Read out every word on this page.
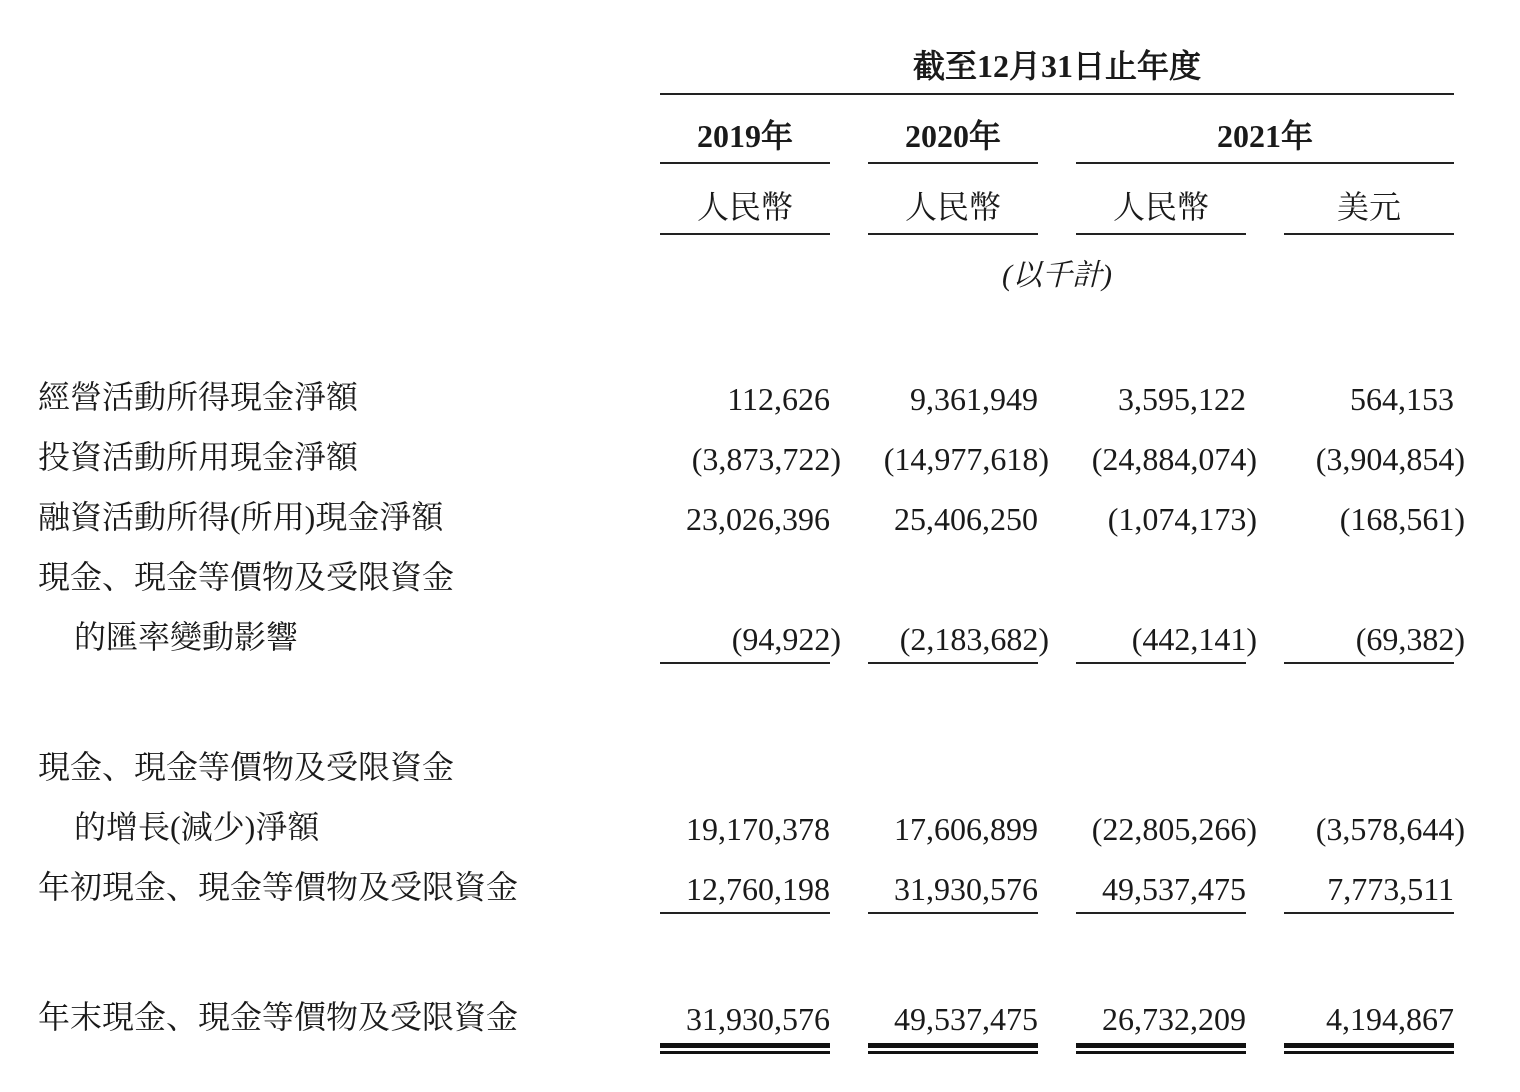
截至12月31日止年度
2019年	2020年	2021年
人民幣	人民幣	人民幣	美元
(以千計)
經營活動所得現金淨額	112,626	9,361,949	3,595,122	564,153
投資活動所用現金淨額	(3,873,722) (14,977,618) (24,884,074) (3,904,854)
融資活動所得(所用)現金淨額	23,026,396 25,406,250 (1,074,173)	(168,561)
現金、現金等價物及受限資金
的匯率變動影響	(94,922) (2,183,682)	(442,141)	(69,382)
現金、現金等價物及受限資金
的增長(減少)淨額	19,170,378 17,606,899 (22,805,266) (3,578,644)
年初現金、現金等價物及受限資金	12,760,198 31,930,576 49,537,475	7,773,511
年末現金、現金等價物及受限資金	31,930,576 49,537,475 26,732,209	4,194,867
